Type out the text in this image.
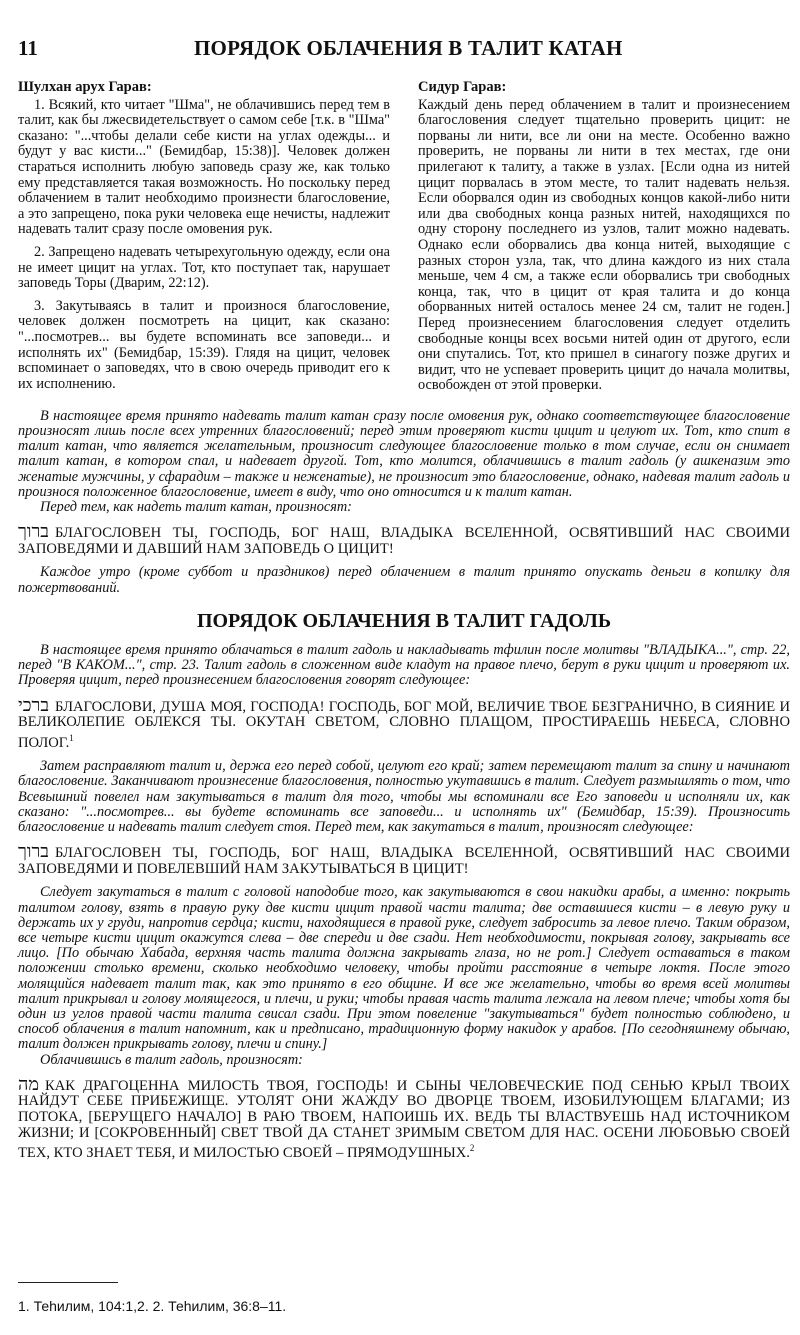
11	ПОРЯДОК ОБЛАЧЕНИЯ В ТАЛИТ КАТАН
Шулхан арух Гарав:

1. Всякий, кто читает "Шма", не облачившись перед тем в талит, как бы лжесвидетельствует о самом себе [т.к. в "Шма" сказано: "...чтобы делали себе кисти на углах одежды... и будут у вас кисти..." (Бемидбар, 15:38)]. Человек должен стараться исполнить любую заповедь сразу же, как только ему представляется такая возможность. Но поскольку перед облачением в талит необходимо произнести благословение, а это запрещено, пока руки человека еще нечисты, надлежит надевать талит сразу после омовения рук.

2. Запрещено надевать четырехугольную одежду, если она не имеет цицит на углах. Тот, кто поступает так, нарушает заповедь Торы (Дварим, 22:12).

3. Закутываясь в талит и произнося благословение, человек должен посмотреть на цицит, как сказано: "...посмотрев... вы будете вспоминать все заповеди... и исполнять их" (Бемидбар, 15:39). Глядя на цицит, человек вспоминает о заповедях, что в свою очередь приводит его к их исполнению.

Сидур Гарав:

Каждый день перед облачением в талит и произнесением благословения следует тщательно проверить цицит: не порваны ли нити, все ли они на месте. Особенно важно проверить, не порваны ли нити в тех местах, где они прилегают к талиту, а также в узлах. [Если одна из нитей цицит порвалась в этом месте, то талит надевать нельзя. Если оборвался один из свободных концов какой-либо нити или два свободных конца разных нитей, находящихся по одну сторону последнего из узлов, талит можно надевать. Однако если оборвались два конца нитей, выходящие с разных сторон узла, так, что длина каждого из них стала меньше, чем 4 см, а также если оборвались три свободных конца, так, что в цицит от края талита и до конца оборванных нитей осталось менее 24 см, талит не годен.] Перед произнесением благословения следует отделить свободные концы всех восьми нитей один от другого, если они спутались. Тот, кто пришел в синагогу позже других и видит, что не успевает проверить цицит до начала молитвы, освобожден от этой проверки.

В настоящее время принято надевать талит катан сразу после омовения рук, однако соответствующее благословение произносят лишь после всех утренних благословений; перед этим проверяют кисти цицит и целуют их. Тот, кто спит в талит катан, что является желательным, произносит следующее благословение только в том случае, если он снимает талит катан, в котором спал, и надевает другой. Тот, кто молится, облачившись в талит гадоль (у ашкеназим это женатые мужчины, у сфарадим – также и неженатые), не произносит это благословение, однако, надевая талит гадоль и произнося положенное благословение, имеет в виду, что оно относится и к талит катан.

Перед тем, как надеть талит катан, произносят:

ברוך БЛАГОСЛОВЕН ТЫ, ГОСПОДЬ, БОГ НАШ, ВЛАДЫКА ВСЕЛЕННОЙ, ОСВЯТИВШИЙ НАС СВОИМИ ЗАПОВЕДЯМИ И ДАВШИЙ НАМ ЗАПОВЕДЬ О ЦИЦИТ!

Каждое утро (кроме суббот и праздников) перед облачением в талит принято опускать деньги в копилку для пожертвований.

ПОРЯДОК ОБЛАЧЕНИЯ В ТАЛИТ ГАДОЛЬ

В настоящее время принято облачаться в талит гадоль и накладывать тфилин после молитвы "ВЛАДЫКА...", стр. 22, перед "В КАКОМ...", стр. 23. Талит гадоль в сложенном виде кладут на правое плечо, берут в руки цицит и проверяют их. Проверяя цицит, перед произнесением благословения говорят следующее:

ברכי БЛАГОСЛОВИ, ДУША МОЯ, ГОСПОДА! ГОСПОДЬ, БОГ МОЙ, ВЕЛИЧИЕ ТВОЕ БЕЗГРАНИЧНО, В СИЯНИЕ И ВЕЛИКОЛЕПИЕ ОБЛЕКСЯ ТЫ. ОКУТАН СВЕТОМ, СЛОВНО ПЛАЩОМ, ПРОСТИРАЕШЬ НЕБЕСА, СЛОВНО ПОЛОГ.$^1$

Затем расправляют талит и, держа его перед собой, целуют его край; затем перемещают талит за спину и начинают благословение. Заканчивают произнесение благословения, полностью укутавшись в талит. Следует размышлять о том, что Всевышний повелел нам закутываться в талит для того, чтобы мы вспоминали все Его заповеди и исполняли их, как сказано: "...посмотрев... вы будете вспоминать все заповеди... и исполнять их" (Бемидбар, 15:39). Произносить благословение и надевать талит следует стоя. Перед тем, как закутаться в талит, произносят следующее:

ברוך БЛАГОСЛОВЕН ТЫ, ГОСПОДЬ, БОГ НАШ, ВЛАДЫКА ВСЕЛЕННОЙ, ОСВЯТИВШИЙ НАС СВОИМИ ЗАПОВЕДЯМИ И ПОВЕЛЕВШИЙ НАМ ЗАКУТЫВАТЬСЯ В ЦИЦИТ!

Следует закутаться в талит с головой наподобие того, как закутываются в свои накидки арабы, а именно: покрыть талитом голову, взять в правую руку две кисти цицит правой части талита; две оставшиеся кисти – в левую руку и держать их у груди, напротив сердца; кисти, находящиеся в правой руке, следует забросить за левое плечо. Таким образом, все четыре кисти цицит окажутся слева – две спереди и две сзади. Нет необходимости, покрывая голову, закрывать все лицо. [По обычаю Хабада, верхняя часть талита должна закрывать глаза, но не рот.] Следует оставаться в таком положении столько времени, сколько необходимо человеку, чтобы пройти расстояние в четыре локтя. После этого молящийся надевает талит так, как это принято в его общине. И все же желательно, чтобы во время всей молитвы талит прикрывал и голову молящегося, и плечи, и руки; чтобы правая часть талита лежала на левом плече; чтобы хотя бы один из углов правой части талита свисал сзади. При этом повеление "закутываться" будет полностью соблюдено, и способ облачения в талит напомнит, как и предписано, традиционную форму накидок у арабов. [По сегодняшнему обычаю, талит должен прикрывать голову, плечи и спину.]

Облачившись в талит гадоль, произносят:

מה КАК ДРАГОЦЕННА МИЛОСТЬ ТВОЯ, ГОСПОДЬ! И СЫНЫ ЧЕЛОВЕЧЕСКИЕ ПОД СЕНЬЮ КРЫЛ ТВОИХ НАЙДУТ СЕБЕ ПРИБЕЖИЩЕ. УТОЛЯТ ОНИ ЖАЖДУ ВО ДВОРЦЕ ТВОЕМ, ИЗОБИЛУЮЩЕМ БЛАГАМИ; ИЗ ПОТОКА, [БЕРУЩЕГО НАЧАЛО] В РАЮ ТВОЕМ, НАПОИШЬ ИХ. ВЕДЬ ТЫ ВЛАСТВУЕШЬ НАД ИСТОЧНИКОМ ЖИЗНИ; И [СОКРОВЕННЫЙ] СВЕТ ТВОЙ ДА СТАНЕТ ЗРИМЫМ СВЕТОМ ДЛЯ НАС. ОСЕНИ ЛЮБОВЬЮ СВОЕЙ ТЕХ, КТО ЗНАЕТ ТЕБЯ, И МИЛОСТЬЮ СВОЕЙ – ПРЯМОДУШНЫХ.$^2$

1. Теһилим, 104:1,2. 2. Теһилим, 36:8–11.
